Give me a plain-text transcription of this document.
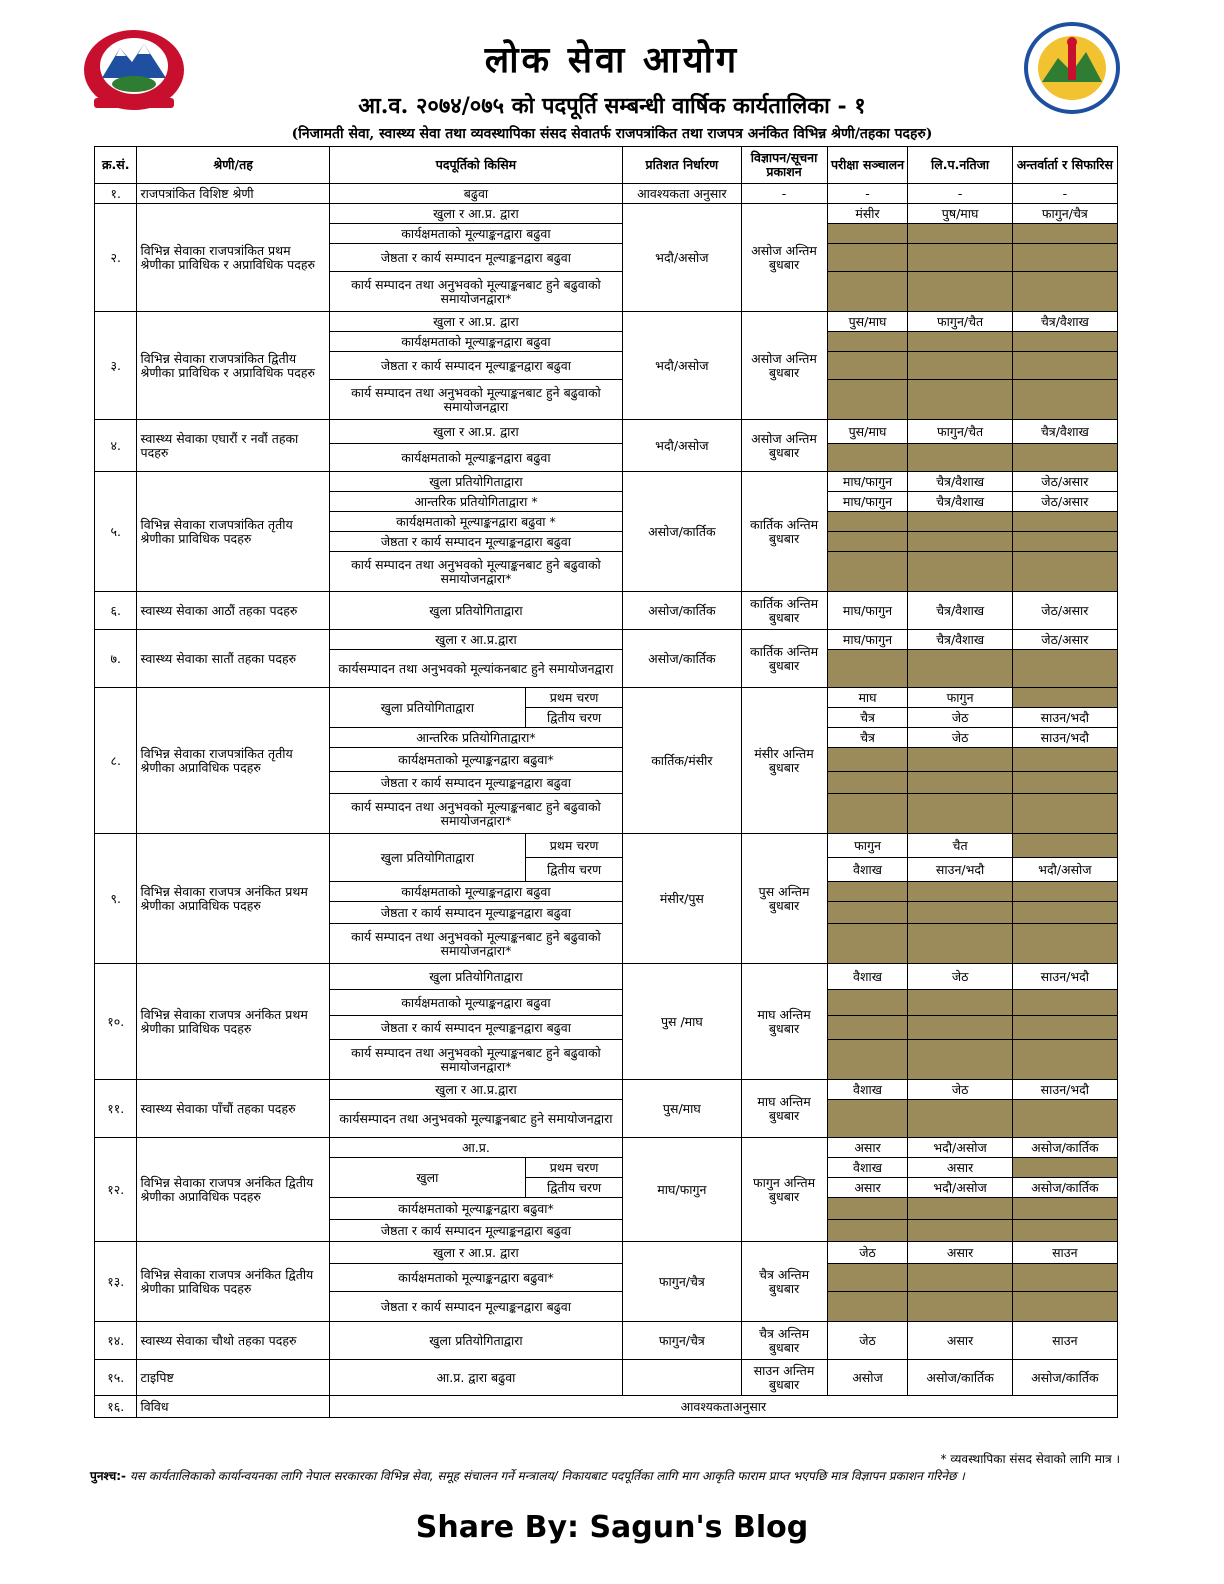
लोक सेवा आयोग
आ.व. २०७४/०७५ को पदपूर्ति सम्बन्धी वार्षिक कार्यतालिका - १
(निजामती सेवा, स्वास्थ्य सेवा तथा व्यवस्थापिका संसद सेवातर्फ राजपत्रांकित तथा राजपत्र अनंकित विभिन्न श्रेणी/तहका पदहरु)
क्र.सं.	श्रेणी/तह	पदपूर्तिको किसिम		प्रतिशत निर्धारण	विज्ञापन/सूचना प्रकाशन	परीक्षा सञ्चालन	लि.प.नतिजा	अन्तर्वार्ता र सिफारिस
१.	राजपत्रांकित विशिष्ट श्रेणी	बढुवा		आवश्यकता अनुसार	-	-	-	-
२.	विभिन्न सेवाका राजपत्रांकित प्रथम श्रेणीका प्राविधिक र अप्राविधिक पदहरु	खुला र आ.प्र. द्वारा		भदौ/असोज	असोज अन्तिम बुधबार	मंसीर	पुष/माघ	फागुन/चैत्र
		कार्यक्षमताको मूल्याङ्कनद्वारा बढुवा						
		जेष्ठता र कार्य सम्पादन मूल्याङ्कनद्वारा बढुवा						
		कार्य सम्पादन तथा अनुभवको मूल्याङ्कनबाट हुने बढुवाको समायोजनद्वारा*						
३.	विभिन्न सेवाका राजपत्रांकित द्वितीय श्रेणीका प्राविधिक र अप्राविधिक पदहरु	खुला र आ.प्र. द्वारा		भदौ/असोज	असोज अन्तिम बुधबार	पुस/माघ	फागुन/चैत	चैत्र/वैशाख
		कार्यक्षमताको मूल्याङ्कनद्वारा बढुवा						
		जेष्ठता र कार्य सम्पादन मूल्याङ्कनद्वारा बढुवा						
		कार्य सम्पादन तथा अनुभवको मूल्याङ्कनबाट हुने बढुवाको समायोजनद्वारा						
४.	स्वास्थ्य सेवाका एघारौं र नवौं तहका पदहरु	खुला र आ.प्र. द्वारा		भदौ/असोज	असोज अन्तिम बुधबार	पुस/माघ	फागुन/चैत	चैत्र/वैशाख
		कार्यक्षमताको मूल्याङ्कनद्वारा बढुवा						
५.	विभिन्न सेवाका राजपत्रांकित तृतीय श्रेणीका प्राविधिक पदहरु	खुला प्रतियोगिताद्वारा		असोज/कार्तिक	कार्तिक अन्तिम बुधबार	माघ/फागुन	चैत्र/वैशाख	जेठ/असार
		आन्तरिक प्रतियोगिताद्वारा *				माघ/फागुन	चैत्र/वैशाख	जेठ/असार
		कार्यक्षमताको मूल्याङ्कनद्वारा बढुवा *						
		जेष्ठता र कार्य सम्पादन मूल्याङ्कनद्वारा बढुवा						
		कार्य सम्पादन तथा अनुभवको मूल्याङ्कनबाट हुने बढुवाको समायोजनद्वारा*						
६.	स्वास्थ्य सेवाका आठौं तहका पदहरु	खुला प्रतियोगिताद्वारा		असोज/कार्तिक	कार्तिक अन्तिम बुधबार	माघ/फागुन	चैत्र/वैशाख	जेठ/असार
७.	स्वास्थ्य सेवाका सातौं तहका पदहरु	खुला र आ.प्र.द्वारा		असोज/कार्तिक	कार्तिक अन्तिम बुधबार	माघ/फागुन	चैत्र/वैशाख	जेठ/असार
		कार्यसम्पादन तथा अनुभवको मूल्यांकनबाट हुने समायोजनद्वारा						
८.	विभिन्न सेवाका राजपत्रांकित तृतीय श्रेणीका अप्राविधिक पदहरु	खुला प्रतियोगिताद्वारा	प्रथम चरण	कार्तिक/मंसीर	मंसीर अन्तिम बुधबार	माघ	फागुन	
			द्वितीय चरण			चैत्र	जेठ	साउन/भदौ
		आन्तरिक प्रतियोगिताद्वारा*				चैत्र	जेठ	साउन/भदौ
		कार्यक्षमताको मूल्याङ्कनद्वारा बढुवा*						
		जेष्ठता र कार्य सम्पादन मूल्याङ्कनद्वारा बढुवा						
		कार्य सम्पादन तथा अनुभवको मूल्याङ्कनबाट हुने बढुवाको समायोजनद्वारा*						
९.	विभिन्न सेवाका राजपत्र अनंकित प्रथम श्रेणीका अप्राविधिक पदहरु	खुला प्रतियोगिताद्वारा	प्रथम चरण	मंसीर/पुस	पुस अन्तिम बुधबार	फागुन	चैत	
			द्वितीय चरण			वैशाख	साउन/भदौ	भदौ/असोज
		कार्यक्षमताको मूल्याङ्कनद्वारा बढुवा						
		जेष्ठता र कार्य सम्पादन मूल्याङ्कनद्वारा बढुवा						
		कार्य सम्पादन तथा अनुभवको मूल्याङ्कनबाट हुने बढुवाको समायोजनद्वारा*						
१०.	विभिन्न सेवाका राजपत्र अनंकित प्रथम श्रेणीका प्राविधिक पदहरु	खुला प्रतियोगिताद्वारा		पुस /माघ	माघ अन्तिम बुधबार	वैशाख	जेठ	साउन/भदौ
		कार्यक्षमताको मूल्याङ्कनद्वारा बढुवा						
		जेष्ठता र कार्य सम्पादन मूल्याङ्कनद्वारा बढुवा						
		कार्य सम्पादन तथा अनुभवको मूल्याङ्कनबाट हुने बढुवाको समायोजनद्वारा*						
११.	स्वास्थ्य सेवाका पाँचौं तहका पदहरु	खुला र आ.प्र.द्वारा		पुस/माघ	माघ अन्तिम बुधबार	वैशाख	जेठ	साउन/भदौ
		कार्यसम्पादन तथा अनुभवको मूल्याङ्कनबाट हुने समायोजनद्वारा						
१२.	विभिन्न सेवाका राजपत्र अनंकित द्वितीय श्रेणीका अप्राविधिक पदहरु	आ.प्र.		माघ/फागुन	फागुन अन्तिम बुधबार	असार	भदौ/असोज	असोज/कार्तिक
		खुला	प्रथम चरण			वैशाख	असार	
			द्वितीय चरण			असार	भदौ/असोज	असोज/कार्तिक
		कार्यक्षमताको मूल्याङ्कनद्वारा बढुवा*						
		जेष्ठता र कार्य सम्पादन मूल्याङ्कनद्वारा बढुवा						
१३.	विभिन्न सेवाका राजपत्र अनंकित द्वितीय श्रेणीका प्राविधिक पदहरु	खुला र आ.प्र. द्वारा		फागुन/चैत्र	चैत्र अन्तिम बुधबार	जेठ	असार	साउन
		कार्यक्षमताको मूल्याङ्कनद्वारा बढुवा*						
		जेष्ठता र कार्य सम्पादन मूल्याङ्कनद्वारा बढुवा						
१४.	स्वास्थ्य सेवाका चौथो तहका पदहरु	खुला प्रतियोगिताद्वारा		फागुन/चैत्र	चैत्र अन्तिम बुधबार	जेठ	असार	साउन
१५.	टाइपिष्ट	आ.प्र. द्वारा बढुवा			साउन अन्तिम बुधबार	असोज	असोज/कार्तिक	असोज/कार्तिक
१६.	विविध	आवश्यकताअनुसार						
* व्यवस्थापिका संसद सेवाको लागि मात्र ।
पुनश्च:- यस कार्यतालिकाको कार्यान्वयनका लागि नेपाल सरकारका विभिन्न सेवा, समूह संचालन गर्ने मन्त्रालय/ निकायबाट पदपूर्तिका लागि माग आकृति फाराम प्राप्त भएपछि मात्र विज्ञापन प्रकाशन गरिनेछ ।
Share By: Sagun's Blog
